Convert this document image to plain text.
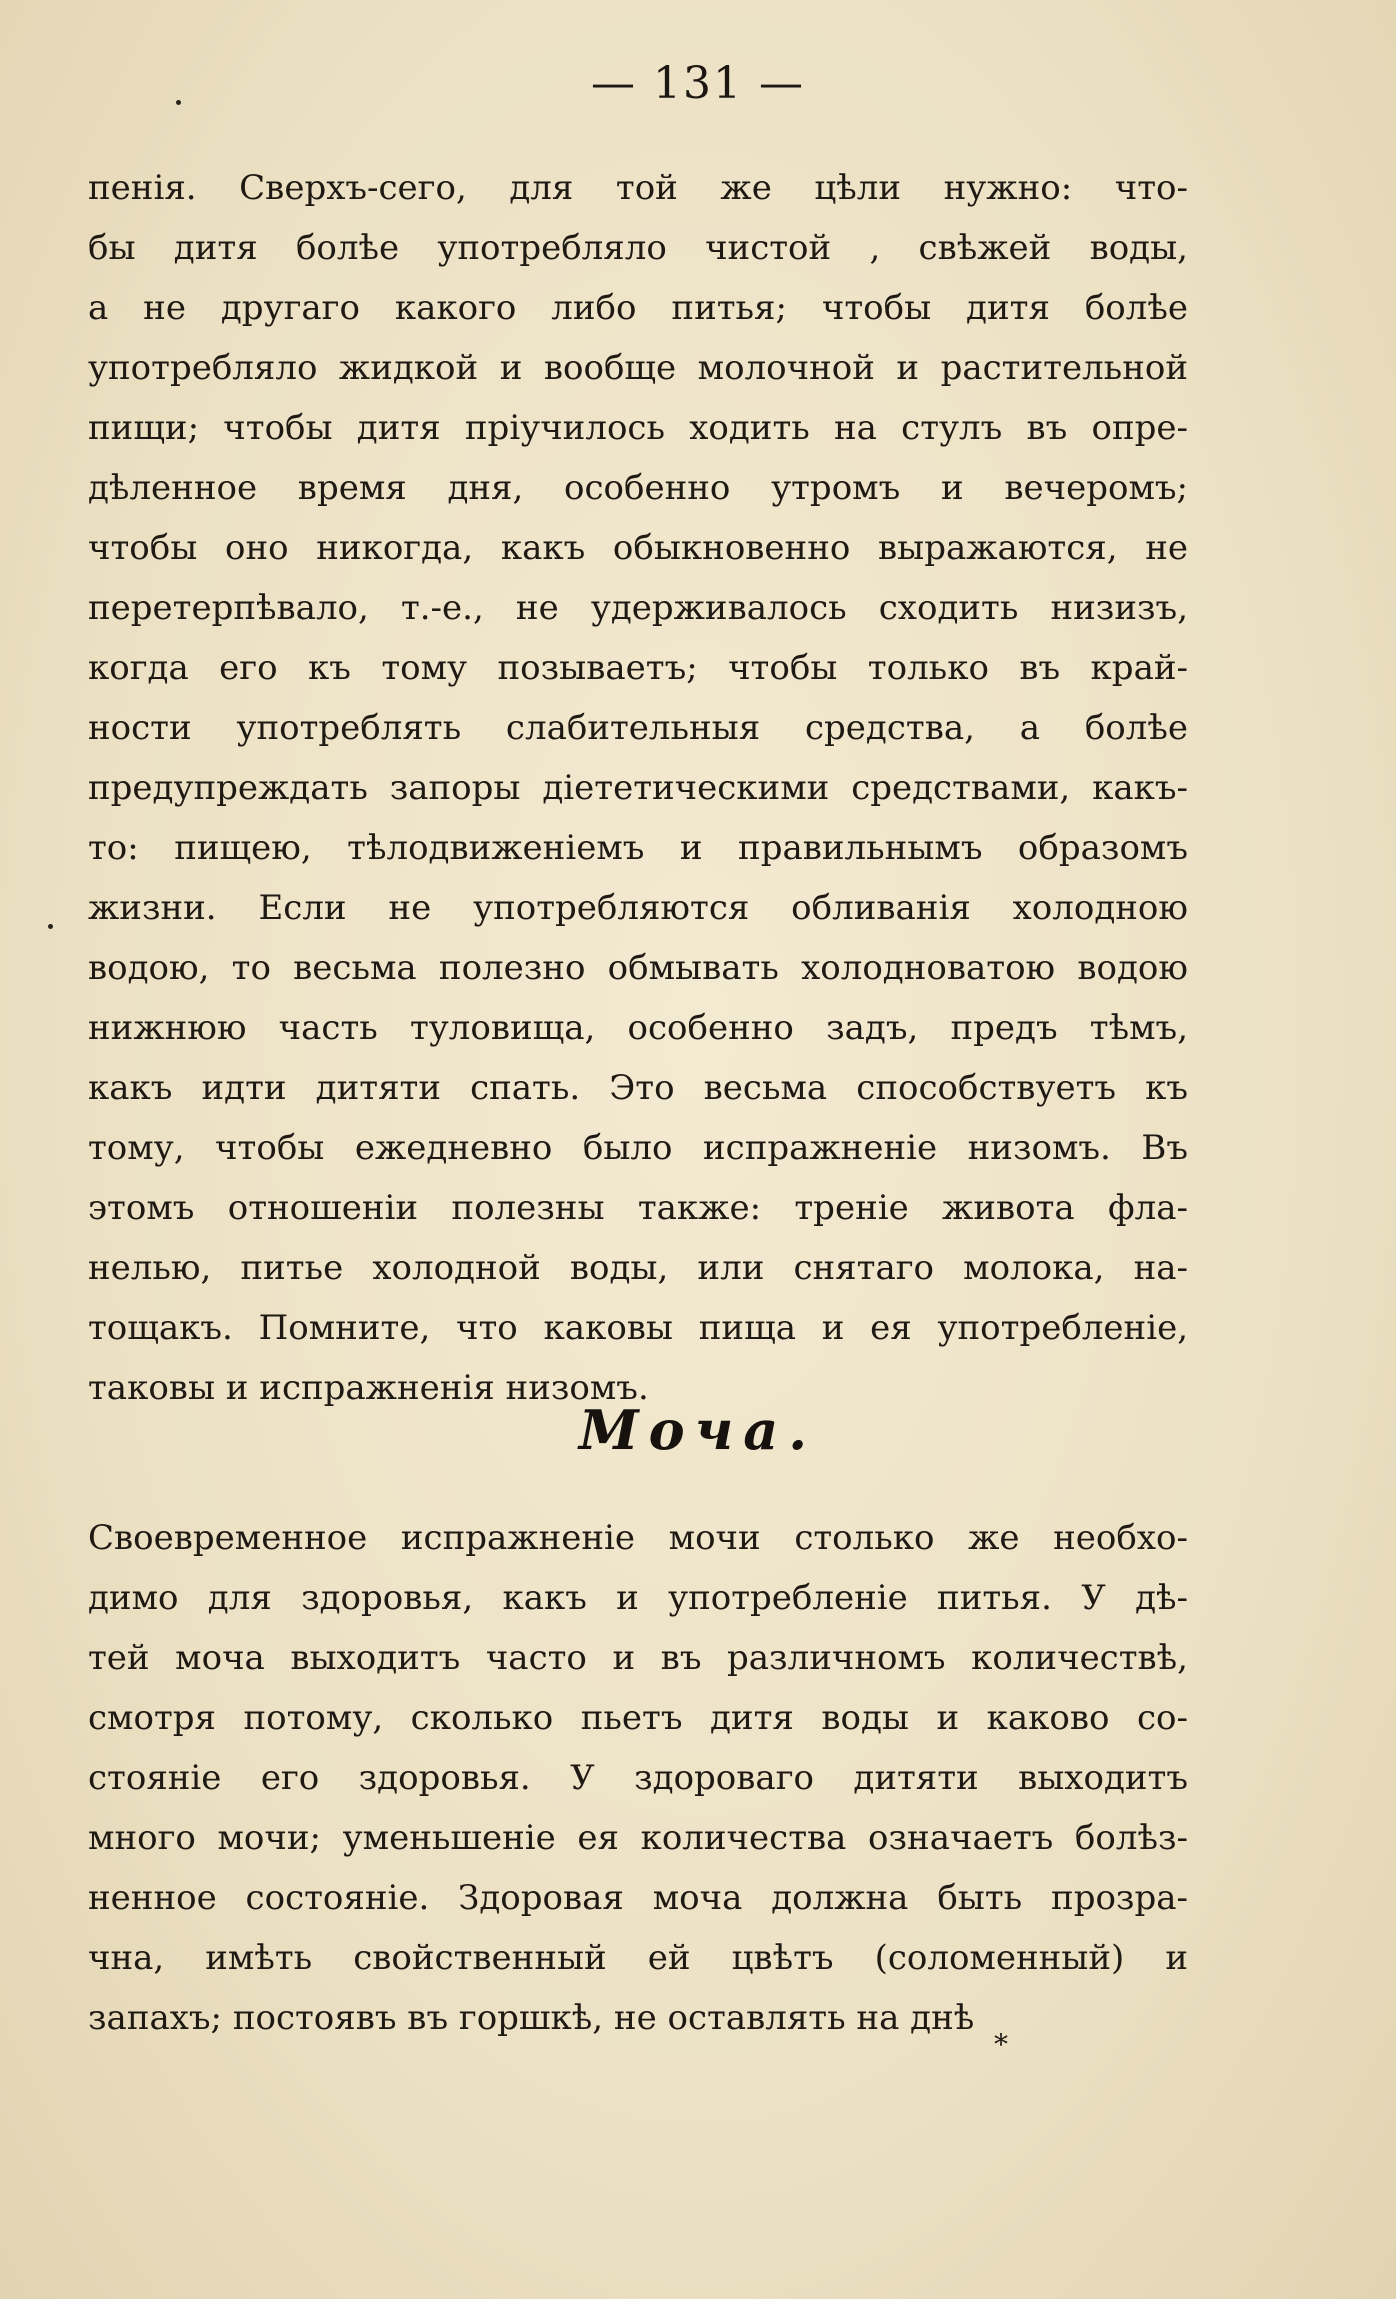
— 131 —
пенія. Сверхъ-сего, для той же цѣли нужно: что-
бы дитя болѣе употребляло чистой , свѣжей воды,
а не другаго какого либо питья; чтобы дитя болѣе
употребляло жидкой и вообще молочной и растительной
пищи; чтобы дитя пріучилось ходить на стулъ въ опре-
дѣленное время дня, особенно утромъ и вечеромъ;
чтобы оно никогда, какъ обыкновенно выражаются, не
перетерпѣвало, т.-е., не удерживалось сходить низизъ,
когда его къ тому позываетъ; чтобы только въ край-
ности употреблять слабительныя средства, а болѣе
предупреждать запоры діететическими средствами, какъ-
то: пищею, тѣлодвиженіемъ и правильнымъ образомъ
жизни. Если не употребляются обливанія холодною
водою, то весьма полезно обмывать холодноватою водою
нижнюю часть туловища, особенно задъ, предъ тѣмъ,
какъ идти дитяти спать. Это весьма способствуетъ къ
тому, чтобы ежедневно было испражненіе низомъ. Въ
этомъ отношеніи полезны также: треніе живота фла-
нелью, питье холодной воды, или снятаго молока, на-
тощакъ. Помните, что каковы пища и ея употребленіе,
таковы и испражненія низомъ.
Моча.
Своевременное испражненіе мочи столько же необхо-
димо для здоровья, какъ и употребленіе питья. У дѣ-
тей моча выходитъ часто и въ различномъ количествѣ,
смотря потому, сколько пьетъ дитя воды и каково со-
стояніе его здоровья. У здороваго дитяти выходитъ
много мочи; уменьшеніе ея количества означаетъ болѣз-
ненное состояніе. Здоровая моча должна быть прозра-
чна, имѣть свойственный ей цвѣтъ (соломенный) и
запахъ; постоявъ въ горшкѣ, не оставлять на днѣ
*
